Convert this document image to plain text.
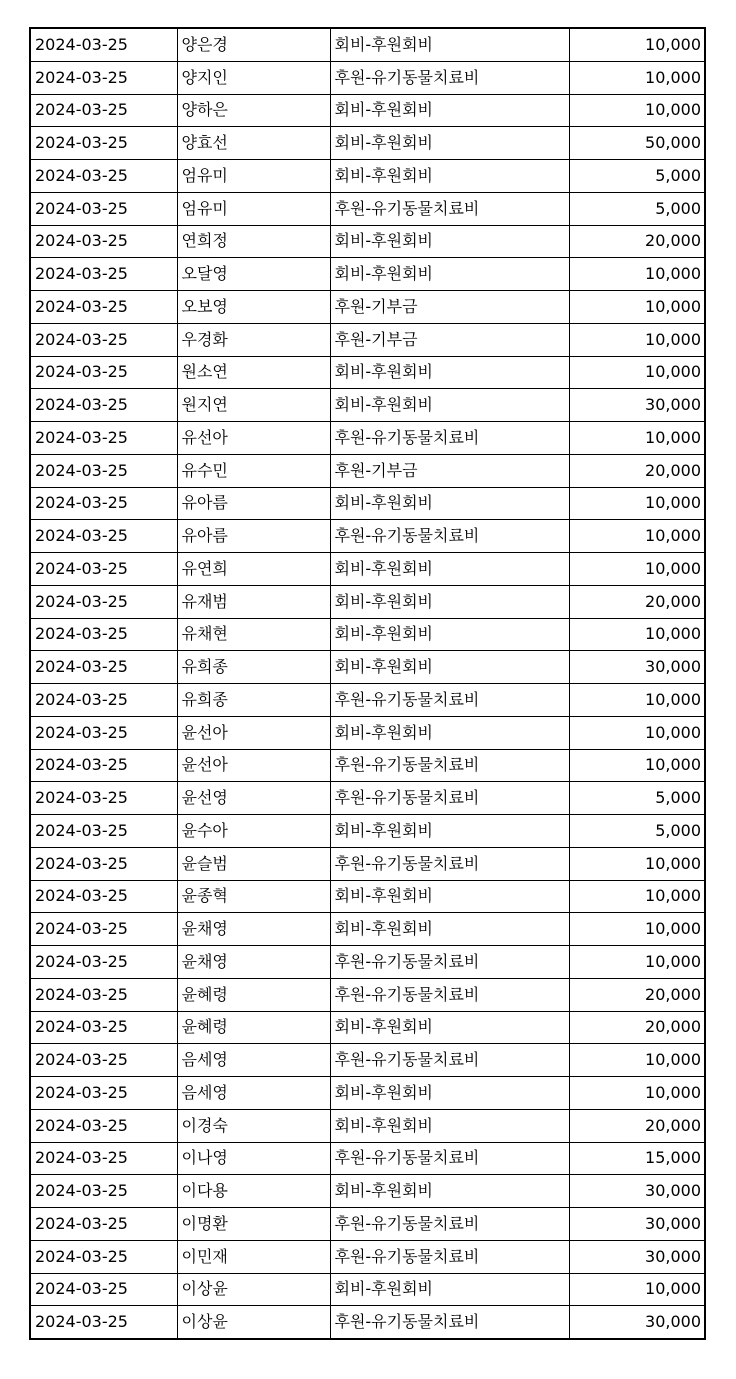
2024-03-25	양은경	회비-후원회비	10,000
2024-03-25	양지인	후원-유기동물치료비	10,000
2024-03-25	양하은	회비-후원회비	10,000
2024-03-25	양효선	회비-후원회비	50,000
2024-03-25	엄유미	회비-후원회비	5,000
2024-03-25	엄유미	후원-유기동물치료비	5,000
2024-03-25	연희정	회비-후원회비	20,000
2024-03-25	오달영	회비-후원회비	10,000
2024-03-25	오보영	후원-기부금	10,000
2024-03-25	우경화	후원-기부금	10,000
2024-03-25	원소연	회비-후원회비	10,000
2024-03-25	원지연	회비-후원회비	30,000
2024-03-25	유선아	후원-유기동물치료비	10,000
2024-03-25	유수민	후원-기부금	20,000
2024-03-25	유아름	회비-후원회비	10,000
2024-03-25	유아름	후원-유기동물치료비	10,000
2024-03-25	유연희	회비-후원회비	10,000
2024-03-25	유재범	회비-후원회비	20,000
2024-03-25	유채현	회비-후원회비	10,000
2024-03-25	유희종	회비-후원회비	30,000
2024-03-25	유희종	후원-유기동물치료비	10,000
2024-03-25	윤선아	회비-후원회비	10,000
2024-03-25	윤선아	후원-유기동물치료비	10,000
2024-03-25	윤선영	후원-유기동물치료비	5,000
2024-03-25	윤수아	회비-후원회비	5,000
2024-03-25	윤슬범	후원-유기동물치료비	10,000
2024-03-25	윤종혁	회비-후원회비	10,000
2024-03-25	윤채영	회비-후원회비	10,000
2024-03-25	윤채영	후원-유기동물치료비	10,000
2024-03-25	윤혜령	후원-유기동물치료비	20,000
2024-03-25	윤혜령	회비-후원회비	20,000
2024-03-25	음세영	후원-유기동물치료비	10,000
2024-03-25	음세영	회비-후원회비	10,000
2024-03-25	이경숙	회비-후원회비	20,000
2024-03-25	이나영	후원-유기동물치료비	15,000
2024-03-25	이다용	회비-후원회비	30,000
2024-03-25	이명환	후원-유기동물치료비	30,000
2024-03-25	이민재	후원-유기동물치료비	30,000
2024-03-25	이상윤	회비-후원회비	10,000
2024-03-25	이상윤	후원-유기동물치료비	30,000
